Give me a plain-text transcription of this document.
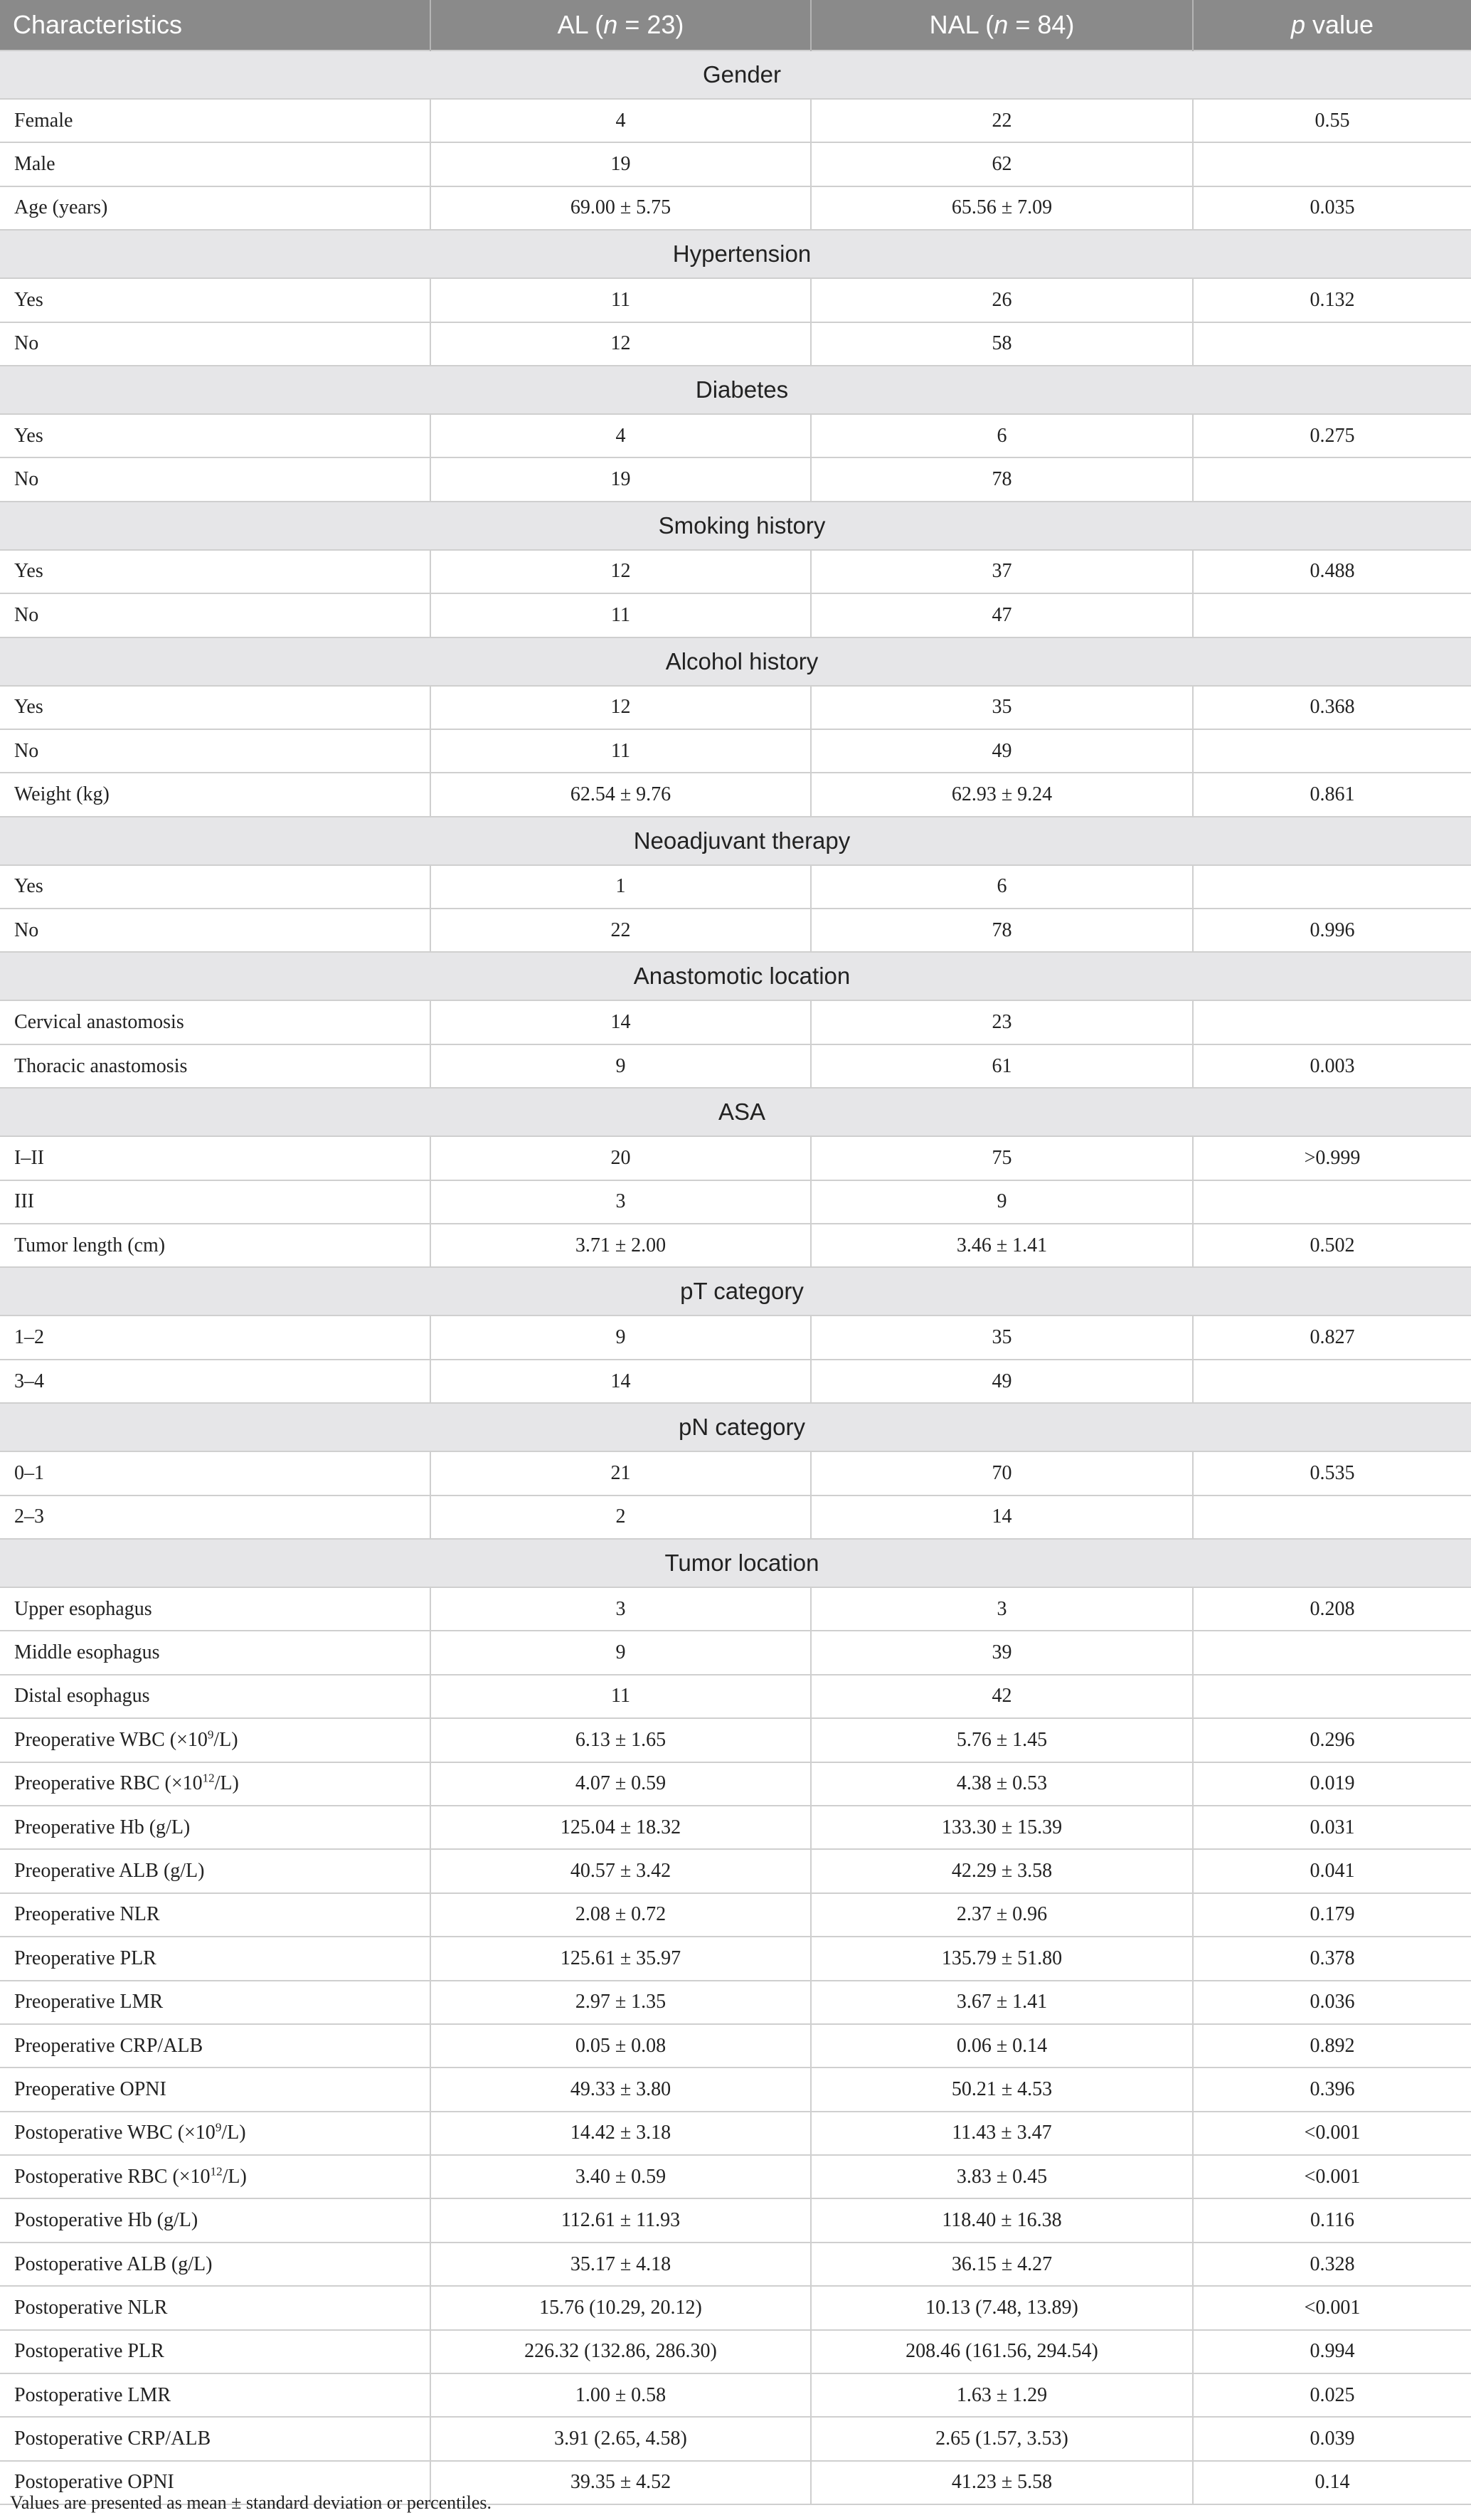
Characteristics	AL (n = 23)	NAL (n = 84)	p value
Gender			
Female	4	22	0.55
Male	19	62	
Age (years)	69.00 ± 5.75	65.56 ± 7.09	0.035
Hypertension			
Yes	11	26	0.132
No	12	58	
Diabetes			
Yes	4	6	0.275
No	19	78	
Smoking history			
Yes	12	37	0.488
No	11	47	
Alcohol history			
Yes	12	35	0.368
No	11	49	
Weight (kg)	62.54 ± 9.76	62.93 ± 9.24	0.861
Neoadjuvant therapy			
Yes	1	6	
No	22	78	0.996
Anastomotic location			
Cervical anastomosis	14	23	
Thoracic anastomosis	9	61	0.003
ASA			
I–II	20	75	>0.999
III	3	9	
Tumor length (cm)	3.71 ± 2.00	3.46 ± 1.41	0.502
pT category			
1–2	9	35	0.827
3–4	14	49	
pN category			
0–1	21	70	0.535
2–3	2	14	
Tumor location			
Upper esophagus	3	3	0.208
Middle esophagus	9	39	
Distal esophagus	11	42	
Preoperative WBC $(\times 10^9/L)$	6.13 ± 1.65	5.76 ± 1.45	0.296
Preoperative RBC $(\times 10^{12}/L)$	4.07 ± 0.59	4.38 ± 0.53	0.019
Preoperative Hb (g/L)	125.04 ± 18.32	133.30 ± 15.39	0.031
Preoperative ALB (g/L)	40.57 ± 3.42	42.29 ± 3.58	0.041
Preoperative NLR	2.08 ± 0.72	2.37 ± 0.96	0.179
Preoperative PLR	125.61 ± 35.97	135.79 ± 51.80	0.378
Preoperative LMR	2.97 ± 1.35	3.67 ± 1.41	0.036
Preoperative CRP/ALB	0.05 ± 0.08	0.06 ± 0.14	0.892
Preoperative OPNI	49.33 ± 3.80	50.21 ± 4.53	0.396
Postoperative WBC $(\times 10^9/L)$	14.42 ± 3.18	11.43 ± 3.47	<0.001
Postoperative RBC $(\times 10^{12}/L)$	3.40 ± 0.59	3.83 ± 0.45	<0.001
Postoperative Hb (g/L)	112.61 ± 11.93	118.40 ± 16.38	0.116
Postoperative ALB (g/L)	35.17 ± 4.18	36.15 ± 4.27	0.328
Postoperative NLR	15.76 (10.29, 20.12)	10.13 (7.48, 13.89)	<0.001
Postoperative PLR	226.32 (132.86, 286.30)	208.46 (161.56, 294.54)	0.994
Postoperative LMR	1.00 ± 0.58	1.63 ± 1.29	0.025
Postoperative CRP/ALB	3.91 (2.65, 4.58)	2.65 (1.57, 3.53)	0.039
Postoperative OPNI	39.35 ± 4.52	41.23 ± 5.58	0.14
Values are presented as mean ± standard deviation or percentiles.
